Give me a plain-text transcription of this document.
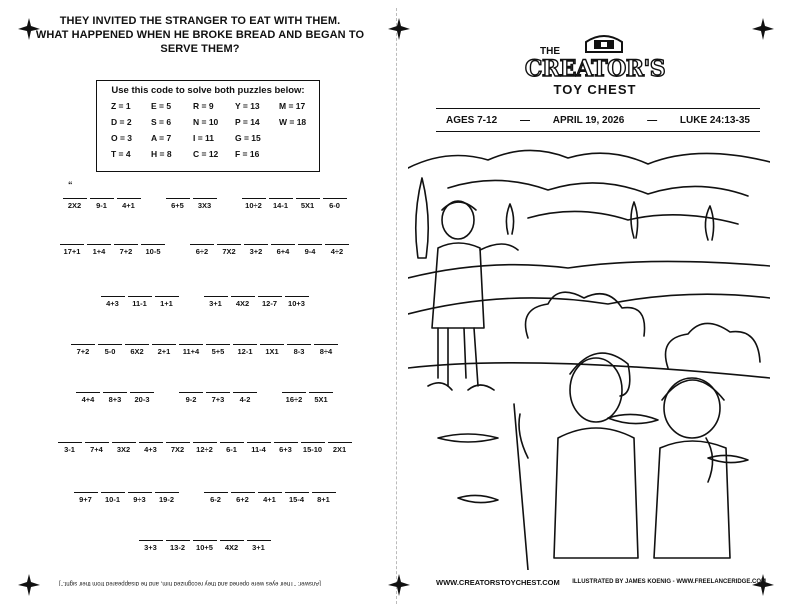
THEY INVITED THE STRANGER TO EAT WITH THEM.
WHAT HAPPENED WHEN HE BROKE BREAD AND BEGAN TO SERVE THEM?
Use this code to solve both puzzles below:
Z = 1	E = 5	R = 9	Y = 13	M = 17
D = 2	S = 6	N = 10	P = 14	W = 18
O = 3	A = 7	I = 11	G = 15
T = 4	H = 8	C = 12	F = 16
2X2	9-1	4+1	6+5	3X3	10÷2	14-1	5X1	6-0
17+1	1+4	7+2	10-5	6÷2	7X2	3+2	6+4	9-4	4÷2
4+3	11-1	1+1	3+1	4X2	12-7	10+3
7+2	5-0	6X2	2+1	11+4	5+5	12-1	1X1	8-3	8÷4
4+4	8+3	20-3	9-2	7+3	4-2	16÷2	5X1
3-1	7+4	3X2	4+3	7X2	12÷2	6-1	11-4	6+3	15-10	2X1
9+7	10-1	9÷3	19-2	6-2	6+2	4+1	15-4	8+1
3+3	13-2	10+5	4X2	3+1
“
[Answer: "Their eyes were opened and they recognized him, and he disappeared from their sight."]
THE
CREATOR'S
TOY CHEST
AGES 7-12 — APRIL 19, 2026 — LUKE 24:13-35
WWW.CREATORSTOYCHEST.COM ILLUSTRATED BY JAMES KOENIG - WWW.FREELANCERIDGE.COM
